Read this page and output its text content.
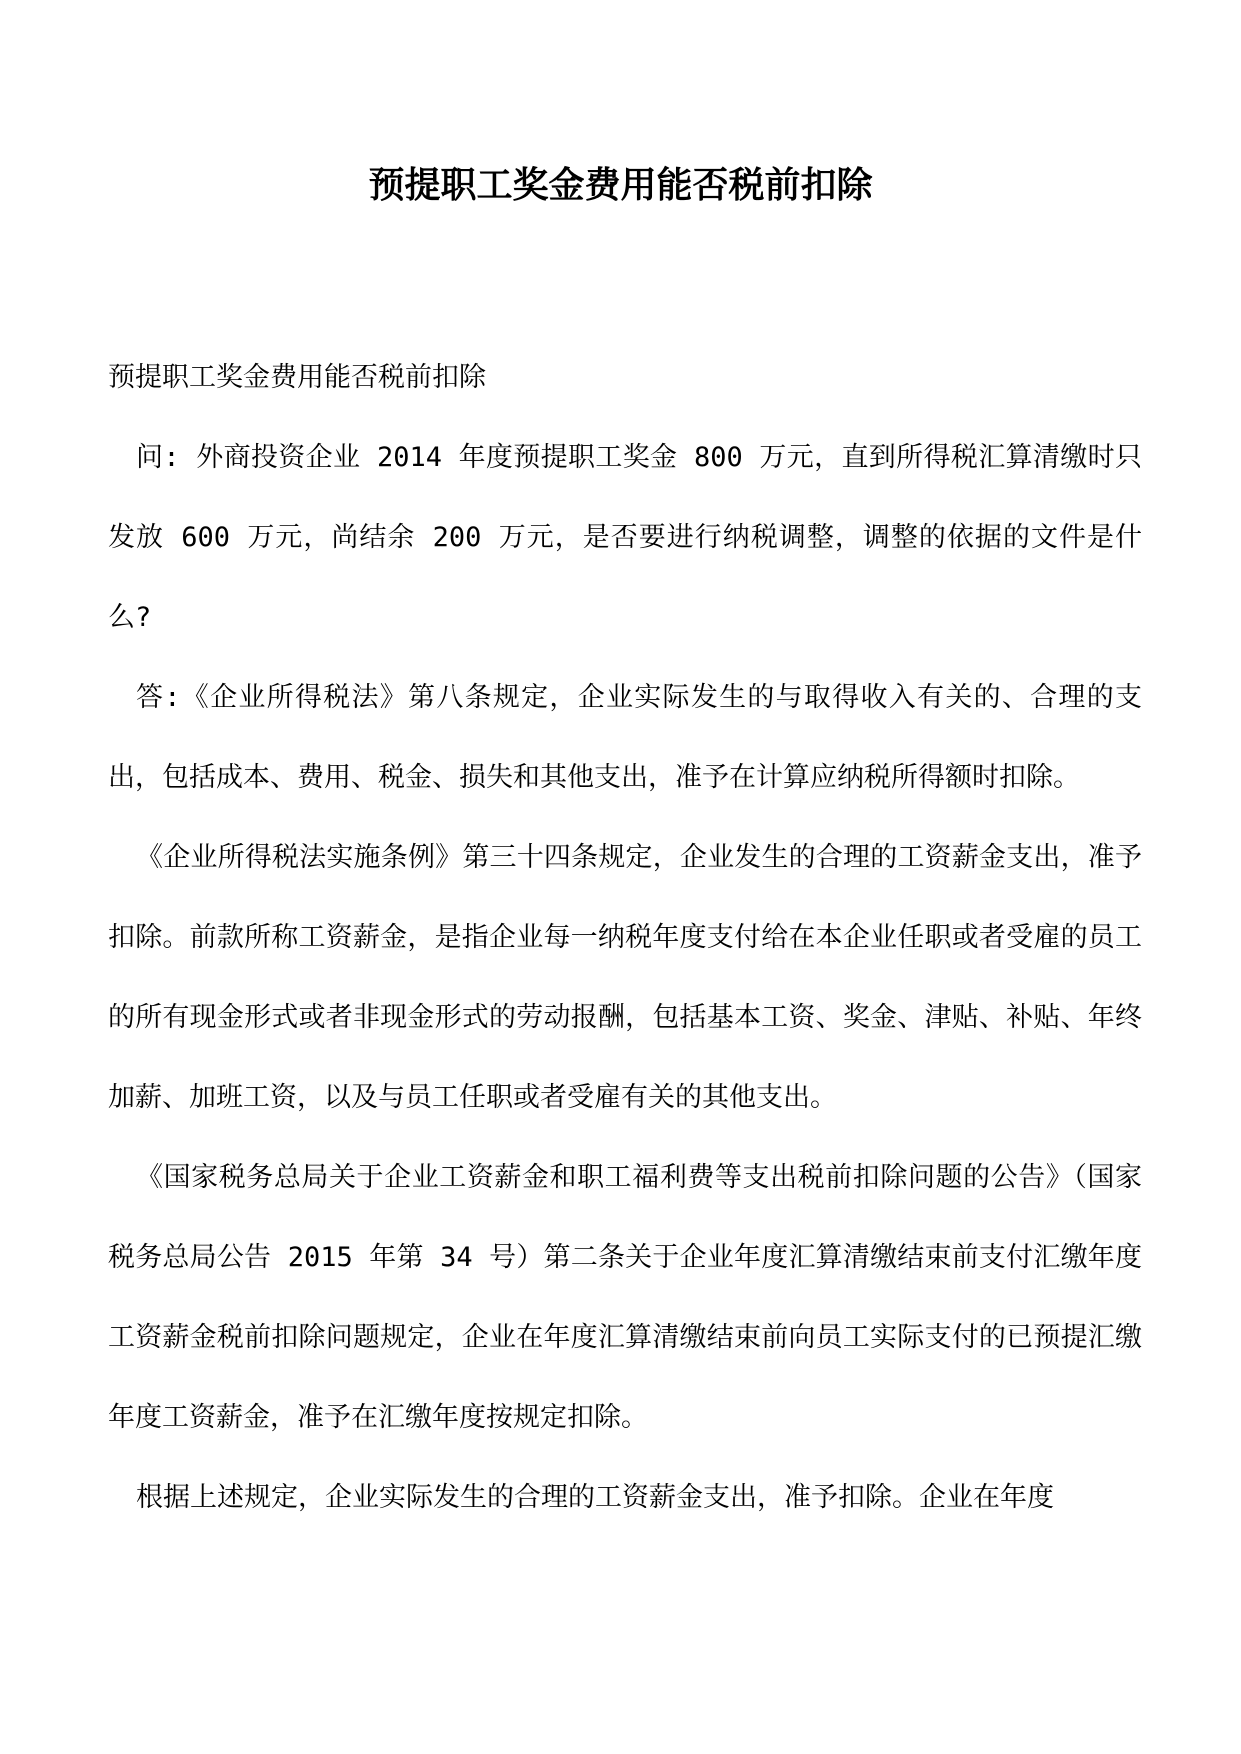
预提职工奖金费用能否税前扣除

预提职工奖金费用能否税前扣除

问: 外商投资企业 2014 年度预提职工奖金 800 万元，直到所得税汇算清缴时只发放 600 万元，尚结余 200 万元，是否要进行纳税调整，调整的依据的文件是什么?

答:《企业所得税法》第八条规定，企业实际发生的与取得收入有关的、合理的支出，包括成本、费用、税金、损失和其他支出，准予在计算应纳税所得额时扣除。

《企业所得税法实施条例》第三十四条规定，企业发生的合理的工资薪金支出，准予扣除。前款所称工资薪金，是指企业每一纳税年度支付给在本企业任职或者受雇的员工的所有现金形式或者非现金形式的劳动报酬，包括基本工资、奖金、津贴、补贴、年终加薪、加班工资，以及与员工任职或者受雇有关的其他支出。

《国家税务总局关于企业工资薪金和职工福利费等支出税前扣除问题的公告》（国家税务总局公告 2015 年第 34 号）第二条关于企业年度汇算清缴结束前支付汇缴年度工资薪金税前扣除问题规定，企业在年度汇算清缴结束前向员工实际支付的已预提汇缴年度工资薪金，准予在汇缴年度按规定扣除。

根据上述规定，企业实际发生的合理的工资薪金支出，准予扣除。企业在年度
